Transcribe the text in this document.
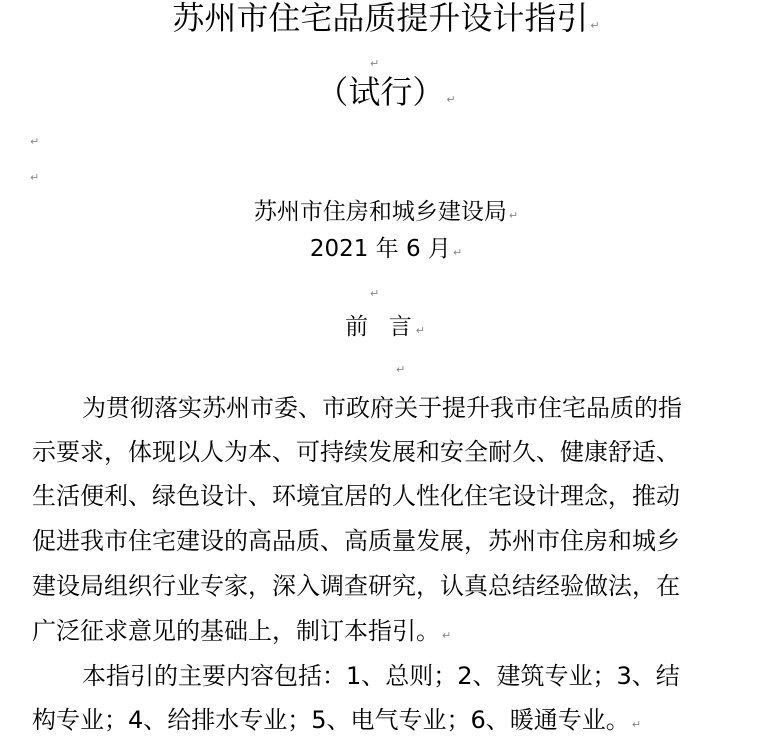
苏州市住宅品质提升设计指引 ↵
↵
（试行） ↵
↵
↵
苏州市住房和城乡建设局 ↵
2021 年 6 月 ↵
↵
前  言 ↵
↵
为贯彻落实苏州市委、市政府关于提升我市住宅品质的指
示要求，体现以人为本、可持续发展和安全耐久、健康舒适、
生活便利、绿色设计、环境宜居的人性化住宅设计理念，推动
促进我市住宅建设的高品质、高质量发展，苏州市住房和城乡
建设局组织行业专家，深入调查研究，认真总结经验做法，在
广泛征求意见的基础上，制订本指引。 ↵
本指引的主要内容包括：1、总则；2、建筑专业；3、结
构专业；4、给排水专业；5、电气专业；6、暖通专业。 ↵
